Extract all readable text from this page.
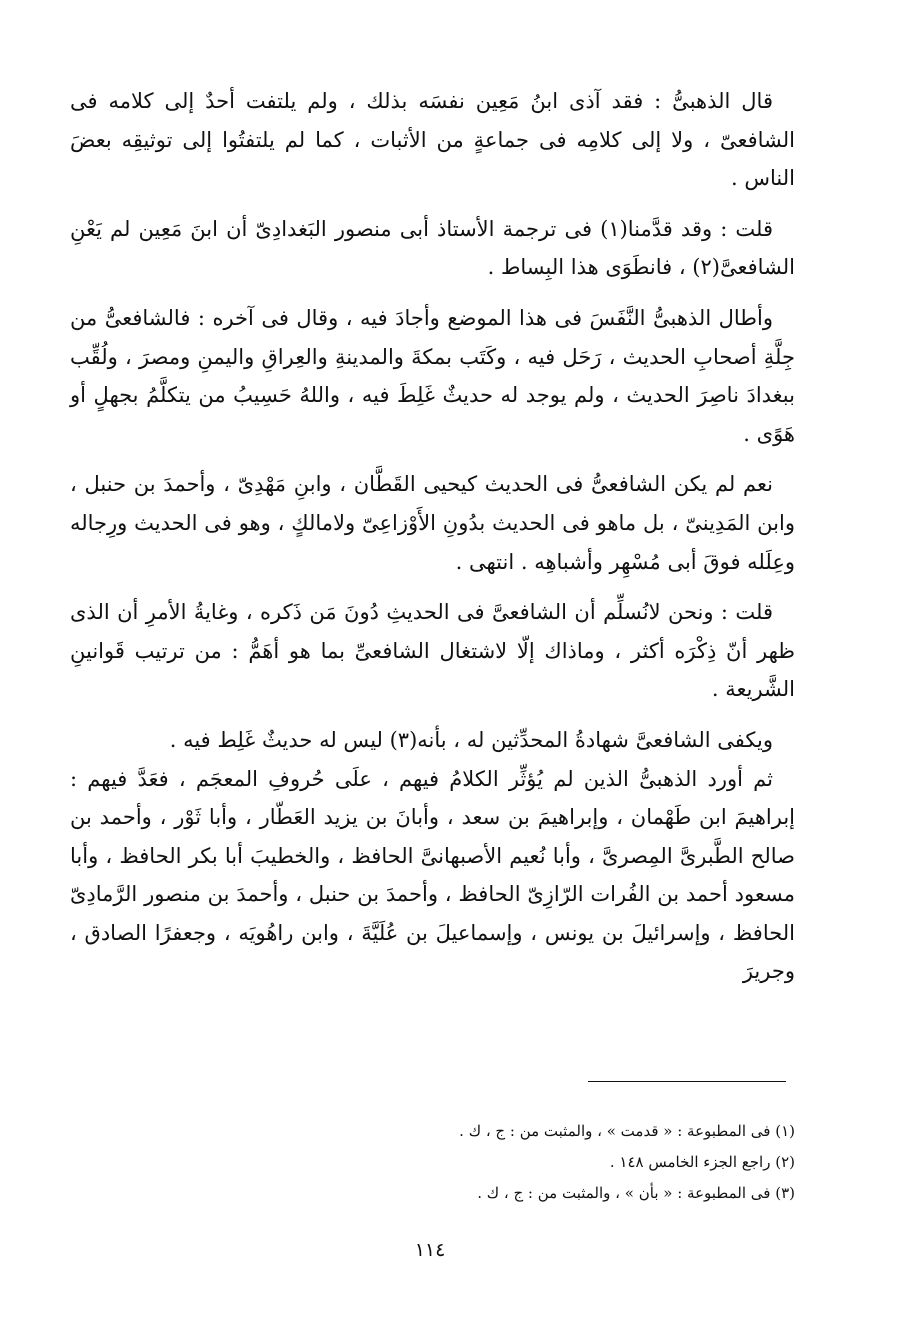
قال الذهبىُّ : فقد آذى ابنُ مَعِين نفسَه بذلك ، ولم يلتفت أحدٌ إلى كلامه فى الشافعىّ ، ولا إلى كلامِه فى جماعةٍ من الأثبات ، كما لم يلتفتُوا إلى توثيقِه بعضَ الناس .

قلت : وقد قدَّمنا(١) فى ترجمة الأستاذ أبى منصور البَغدادِىّ أن ابنَ مَعِين لم يَعْنِ الشافعىَّ(٢) ، فانطَوَى هذا البِساط .

وأطال الذهبىُّ النَّفَسَ فى هذا الموضع وأجادَ فيه ، وقال فى آخره : فالشافعىُّ من جِلَّةِ أصحابِ الحديث ، رَحَل فيه ، وكَتَب بمكةَ والمدينةِ والعِراقِ واليمنِ ومصرَ ، ولُقِّب ببغدادَ ناصِرَ الحديث ، ولم يوجد له حديثٌ غَلِطَ فيه ، واللهُ حَسِيبُ من يتكلَّمُ بجهلٍ أو هَوًى .

نعم لم يكن الشافعىُّ فى الحديث كيحيى القَطَّان ، وابنِ مَهْدِىّ ، وأحمدَ بن حنبل ، وابن المَدِينىّ ، بل ماهو فى الحديث بدُونِ الأَوْزاعِىّ ولامالكٍ ، وهو فى الحديث ورِجاله وعِلَله فوقَ أبى مُسْهِر وأشباهِه . انتهى .

قلت : ونحن لانُسلِّم أن الشافعىَّ فى الحديثِ دُونَ مَن ذَكره ، وغايةُ الأمرِ أن الذى ظهر أنّ ذِكْرَه أكثر ، وماذاك إلّا لاشتغال الشافعىِّ بما هو أهَمُّ : من ترتيب قَوانينِ الشَّريعة .

ويكفى الشافعىَّ شهادةُ المحدِّثين له ، بأنه(٣) ليس له حديثٌ غَلِط فيه .

ثم أورد الذهبىُّ الذين لم يُؤثِّر الكلامُ فيهم ، علَى حُروفِ المعجَم ، فعَدَّ فيهم : إبراهيمَ ابن طَهْمان ، وإبراهيمَ بن سعد ، وأبانَ بن يزيد العَطّار ، وأبا ثَوْر ، وأحمد بن صالح الطَّبرىَّ المِصرىَّ ، وأبا نُعيم الأصبهانىَّ الحافظ ، والخطيبَ أبا بكر الحافظ ، وأبا مسعود أحمد بن الفُرات الرّازِىّ الحافظ ، وأحمدَ بن حنبل ، وأحمدَ بن منصور الرَّمادِىّ الحافظ ، وإسرائيلَ بن يونس ، وإسماعيلَ بن عُلَيَّةَ ، وابن راهُويَه ، وجعفرًا الصادق ، وجريرَ

(١) فى المطبوعة : « قدمت » ، والمثبت من : ج ، ك .
(٢) راجع الجزء الخامس ١٤٨ .
(٣) فى المطبوعة : « بأن » ، والمثبت من : ج ، ك .
١١٤
